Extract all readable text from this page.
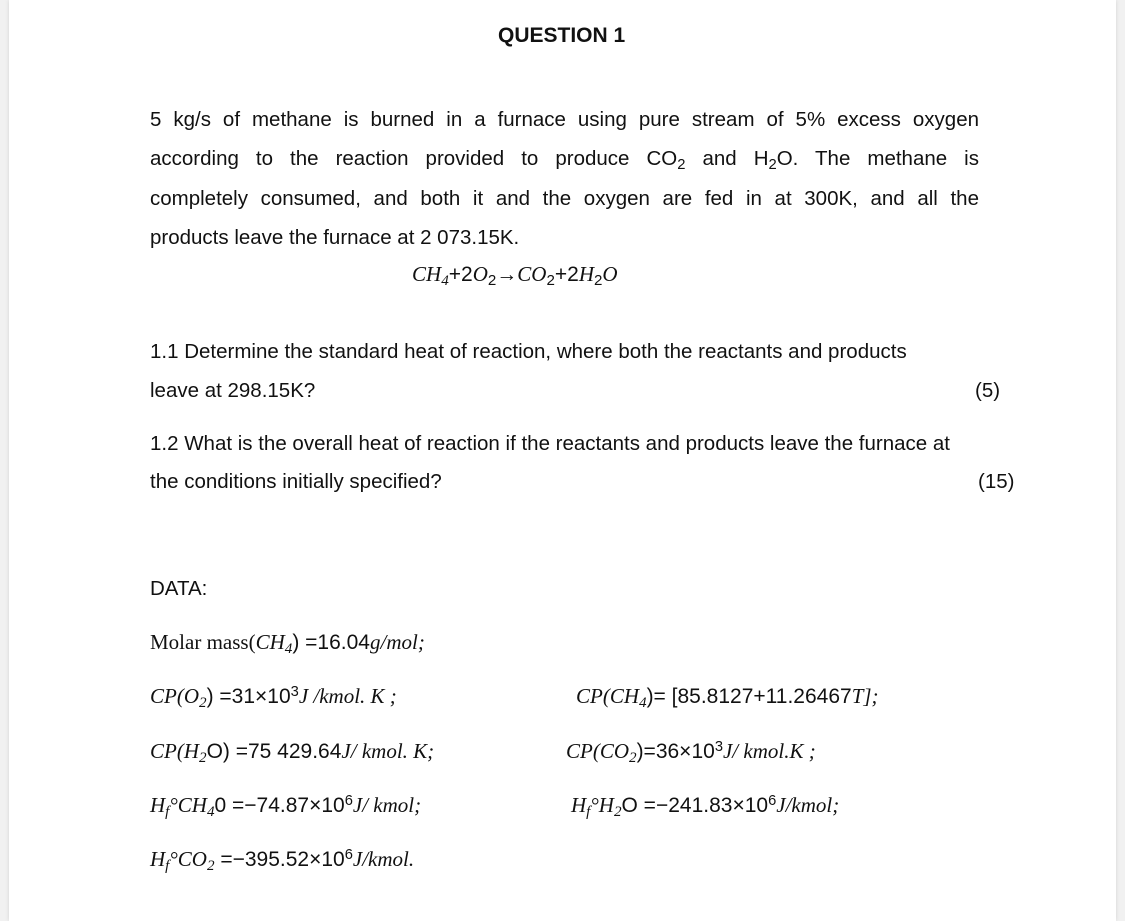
QUESTION 1
5 kg/s of methane is burned in a furnace using pure stream of 5% excess oxygen
according to the reaction provided to produce $CO_2$ and $H_2O$. The methane is
completely consumed, and both it and the oxygen are fed in at 300K, and all the
products leave the furnace at 2 073.15K.
$CH_4+2O_2\to CO_2+2H_2O$
1.1 Determine the standard heat of reaction, where both the reactants and products
leave at 298.15K?	(5)
1.2 What is the overall heat of reaction if the reactants and products leave the furnace at
the conditions initially specified?	(15)
DATA:
Molar $mass(CH_4) =16.04g/mol$;
$CP(O_2) =31\times 10^3J$ /kmol. K ;	$CP(CH_4)= [85.8127+11.26467T]$;
$CP(H_2O) =75$ 429.64J/ kmol. K;	$CP(CO_2)=36\times 10^3J/$ kmol.K ;
$H_f^\circ CH_40 =-74.87\times 10^6J/$ kmol;	$H_f^\circ H_2O$ $=-241.83\times 10^6J$/kmol;
$H_f^\circ CO_2$ $=-395.52\times 10^6J$/kmol.
